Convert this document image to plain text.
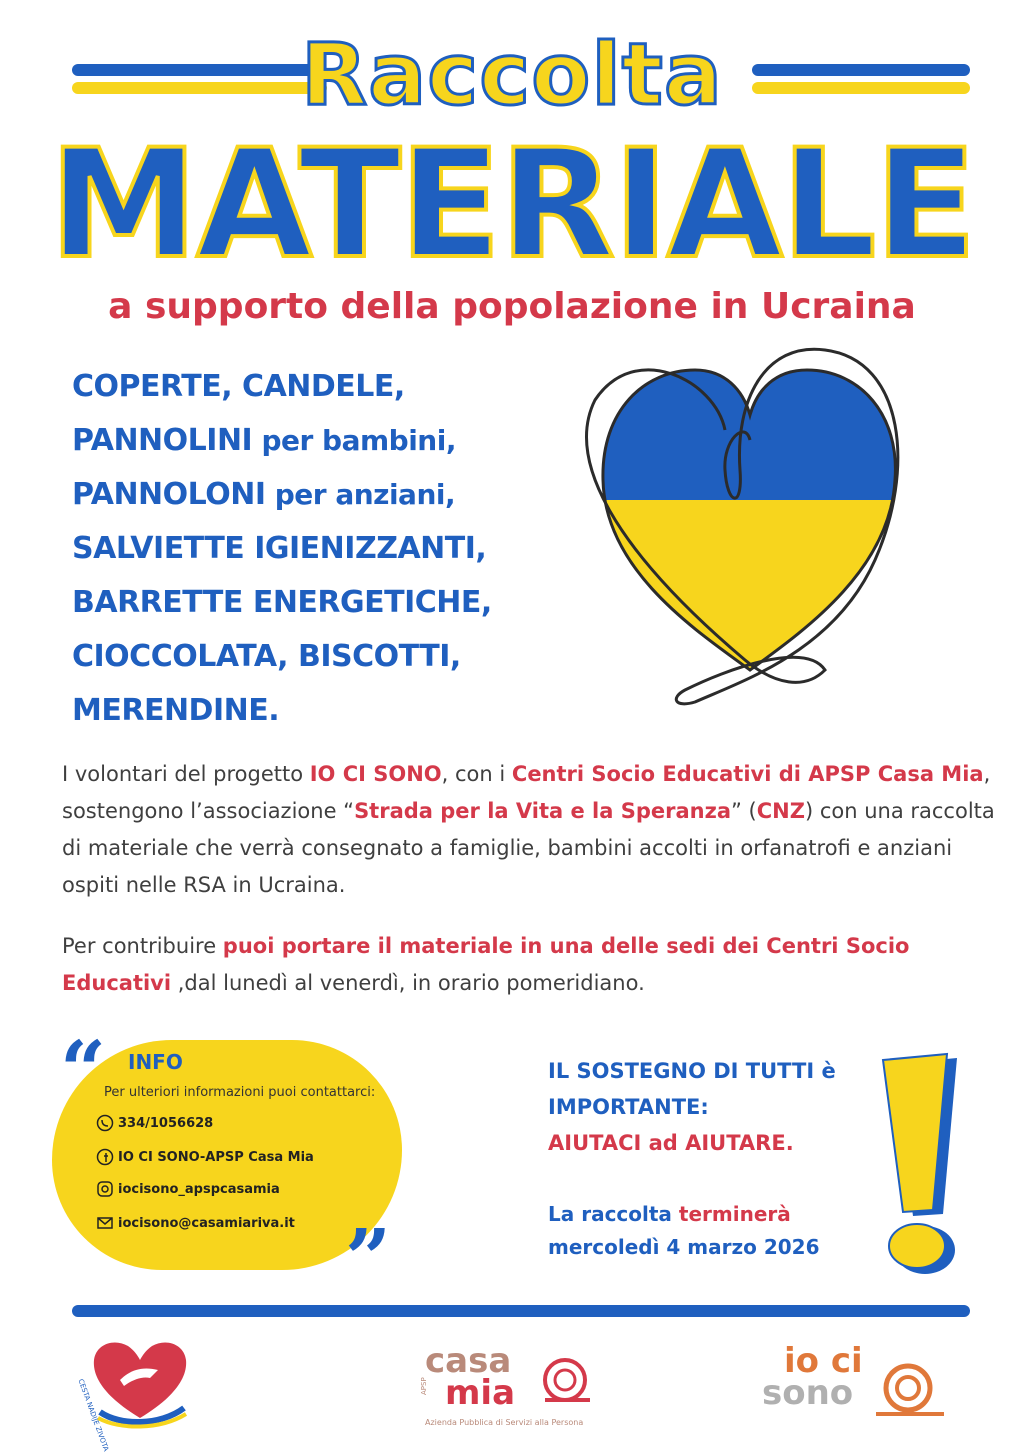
Raccolta
MATERIALE
a supporto della popolazione in Ucraina
COPERTE, CANDELE,
PANNOLINI per bambini,
PANNOLONI per anziani,
SALVIETTE IGIENIZZANTI,
BARRETTE ENERGETICHE,
CIOCCOLATA, BISCOTTI,
MERENDINE.
I volontari del progetto IO CI SONO, con i Centri Socio Educativi di APSP Casa Mia, sostengono l’associazione “Strada per la Vita e la Speranza” (CNZ) con una raccolta di materiale che verrà consegnato a famiglie, bambini accolti in orfanatrofi e anziani ospiti nelle RSA in Ucraina.
Per contribuire puoi portare il materiale in una delle sedi dei Centri Socio Educativi ,dal lunedì al venerdì, in orario pomeridiano.
“
”
INFO
Per ulteriori informazioni puoi contattarci:
334/1056628
IO CI SONO-APSP Casa Mia
iocisono_apspcasamia
iocisono@casamiariva.it
IL SOSTEGNO DI TUTTI è
IMPORTANTE:
AIUTACI ad AIUTARE.
La raccolta terminerà
mercoledì 4 marzo 2026
CESTA NADIJE ZIVOTA
casa
mia
APSP
Azienda Pubblica di Servizi alla Persona
io ci
sono
